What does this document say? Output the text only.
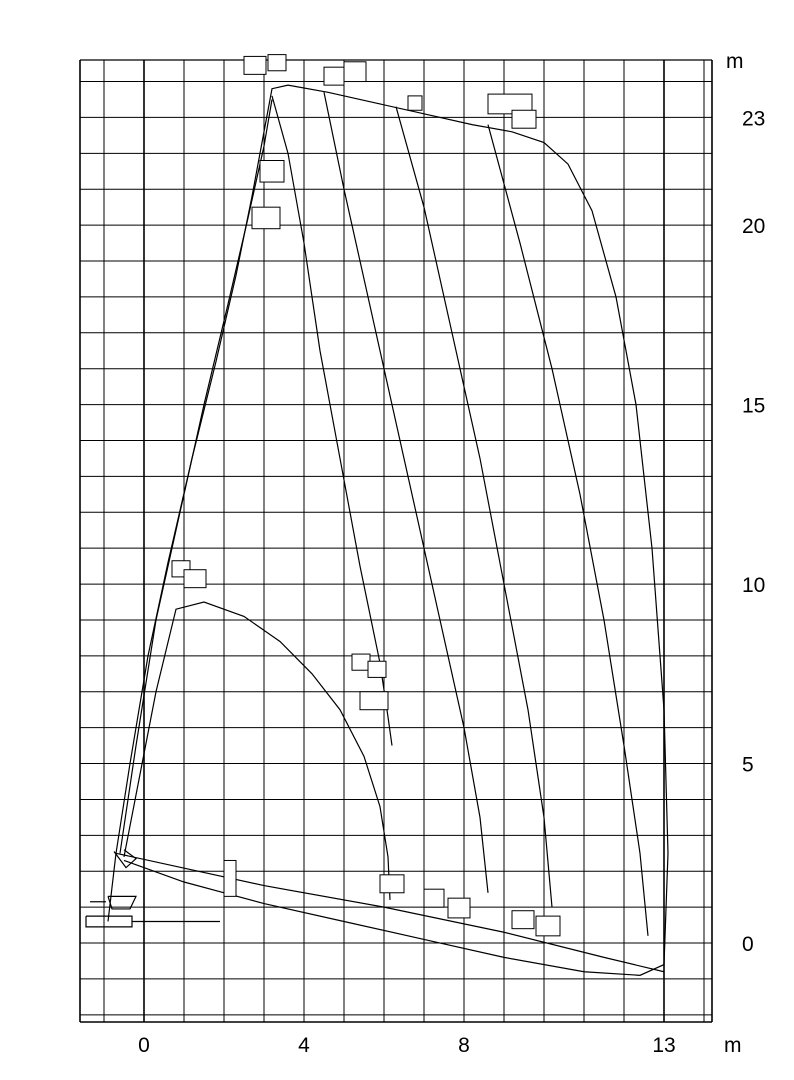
0	4	8	13
0
5
10
15
20
23
m
m
